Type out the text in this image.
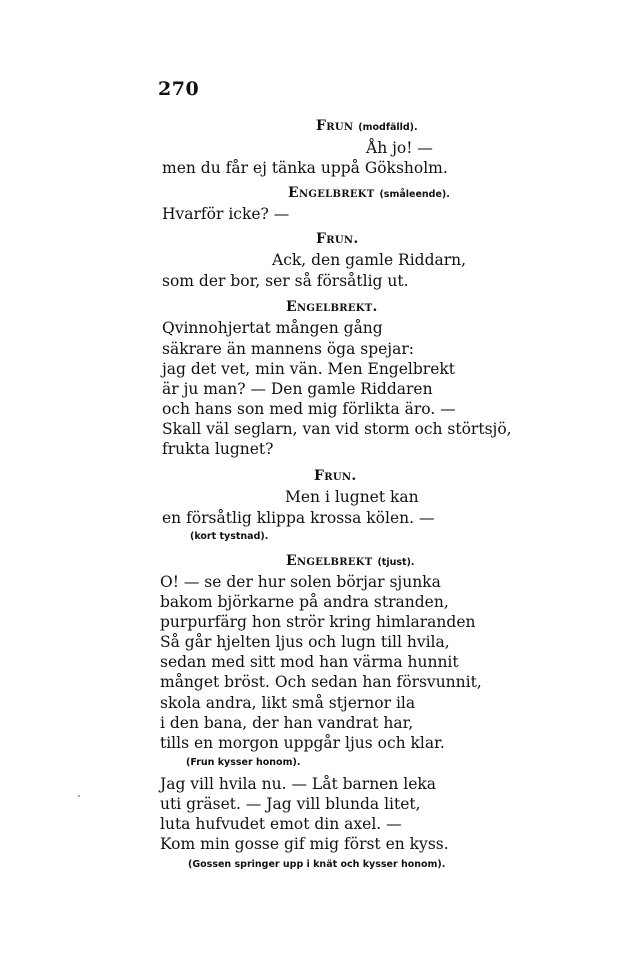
270
Frun (modfälld).
Åh jo! —
men du får ej tänka uppå Göksholm.
Engelbrekt (småleende).
Hvarför icke? —
Frun.
Ack, den gamle Riddarn,
som der bor, ser så försåtlig ut.
Engelbrekt.
Qvinnohjertat mången gång
säkrare än mannens öga spejar:
jag det vet, min vän. Men Engelbrekt
är ju man? — Den gamle Riddaren
och hans son med mig förlikta äro. —
Skall väl seglarn, van vid storm och störtsjö,
frukta lugnet?
Frun.
Men i lugnet kan
en försåtlig klippa krossa kölen. —
(kort tystnad).
Engelbrekt (tjust).
O! — se der hur solen börjar sjunka
bakom björkarne på andra stranden,
purpurfärg hon strör kring himlaranden
Så går hjelten ljus och lugn till hvila,
sedan med sitt mod han värma hunnit
månget bröst. Och sedan han försvunnit,
skola andra, likt små stjernor ila
i den bana, der han vandrat har,
tills en morgon uppgår ljus och klar.
(Frun kysser honom).
Jag vill hvila nu. — Låt barnen leka
uti gräset. — Jag vill blunda litet,
luta hufvudet emot din axel. —
Kom min gosse gif mig först en kyss.
(Gossen springer upp i knät och kysser honom).
